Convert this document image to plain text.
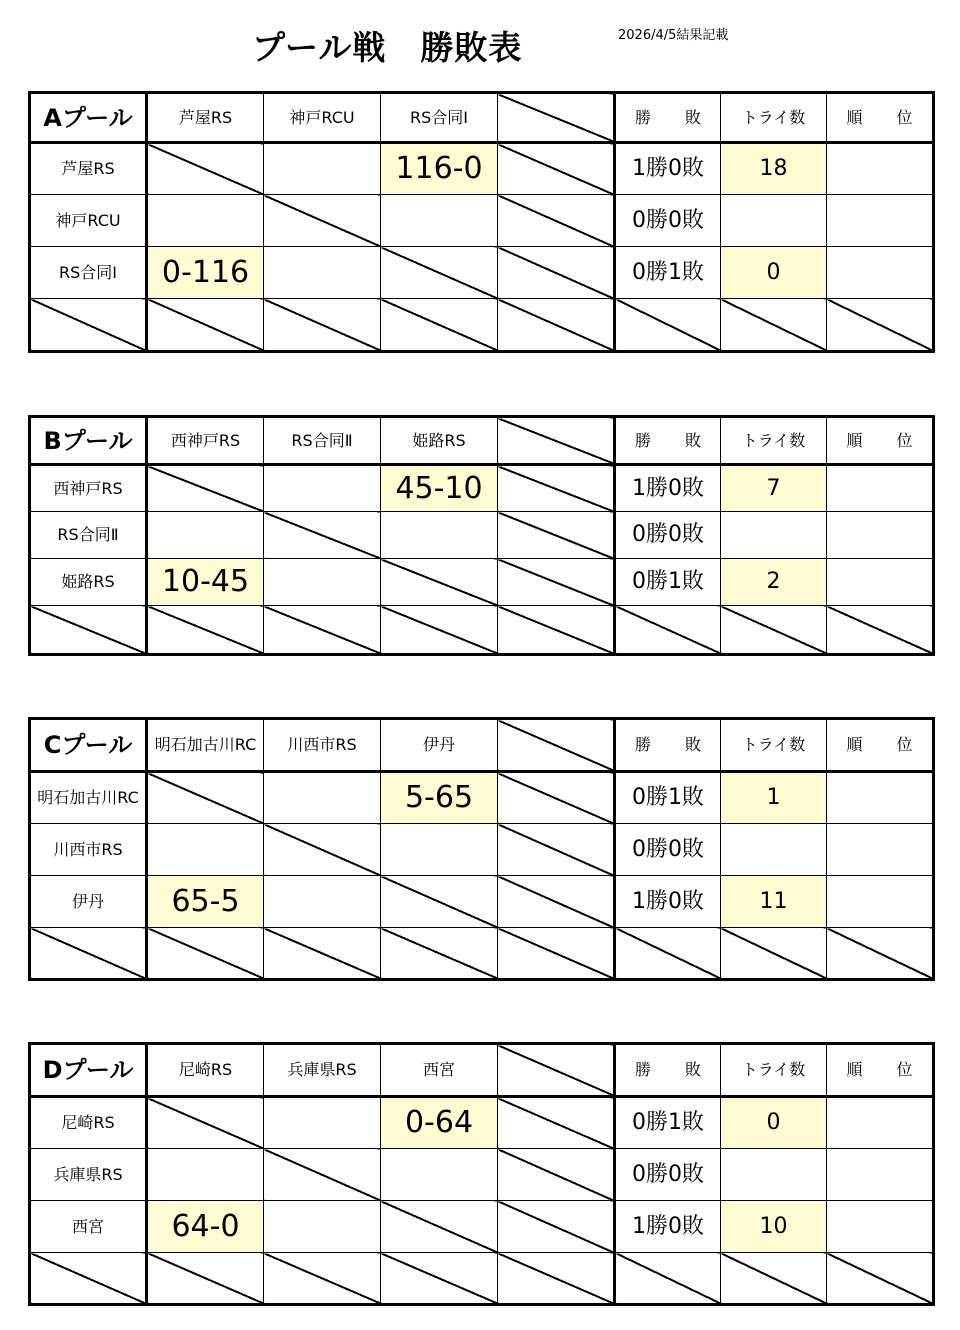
プール戦　勝敗表	2026/4/5結果記載
Aプール	芦屋RS	神戸RCU	RS合同Ⅰ		勝 敗	トライ数	順 位
芦屋RS			116-0		1勝0敗	18	
神戸RCU					0勝0敗		
RS合同Ⅰ	0-116				0勝1敗	0	

Bプール	西神戸RS	RS合同Ⅱ	姫路RS		勝 敗	トライ数	順 位
西神戸RS			45-10		1勝0敗	7	
RS合同Ⅱ					0勝0敗		
姫路RS	10-45				0勝1敗	2	

Cプール	明石加古川RC	川西市RS	伊丹		勝 敗	トライ数	順 位
明石加古川RC			5-65		0勝1敗	1	
川西市RS					0勝0敗		
伊丹	65-5				1勝0敗	11	

Dプール	尼崎RS	兵庫県RS	西宮		勝 敗	トライ数	順 位
尼崎RS			0-64		0勝1敗	0	
兵庫県RS					0勝0敗		
西宮	64-0				1勝0敗	10	
